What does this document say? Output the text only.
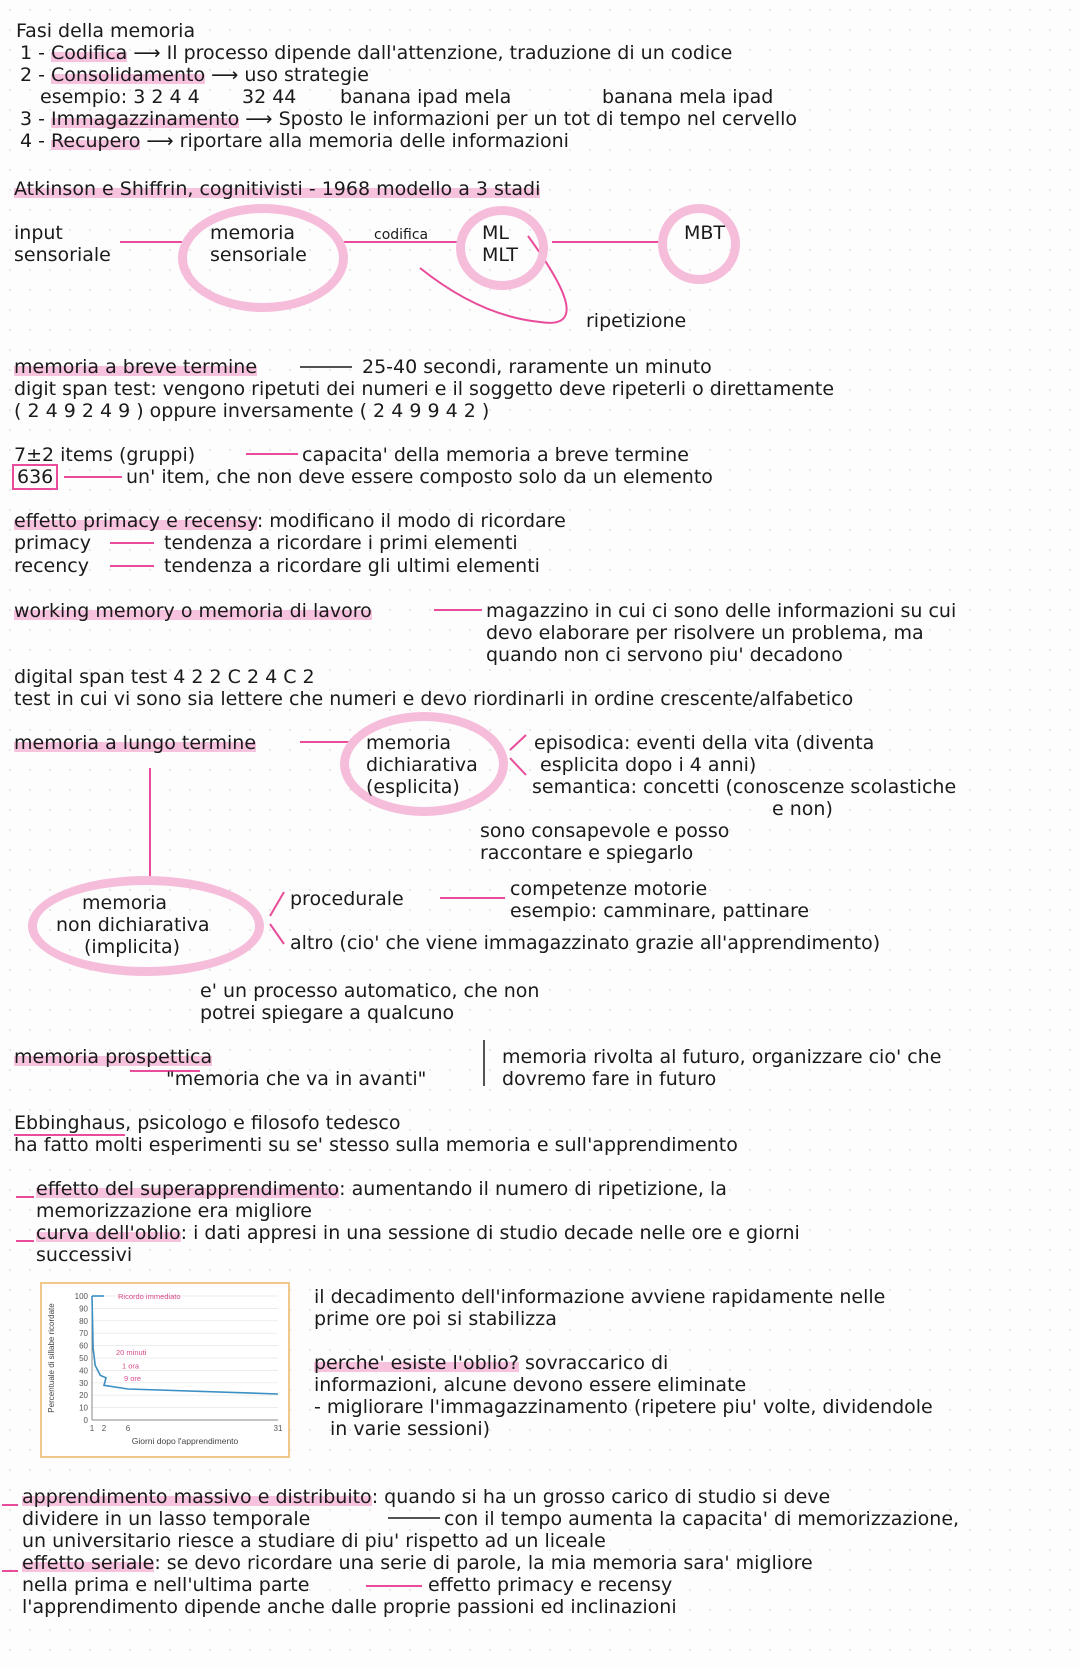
Fasi della memoria
1 - Codifica ⟶ Il processo dipende dall'attenzione, traduzione di un codice
2 - Consolidamento ⟶ uso strategie
esempio: 3 2 4 4 32 44 banana ipad mela	banana mela ipad
3 - Immagazzinamento ⟶ Sposto le informazioni per un tot di tempo nel cervello
4 - Recupero ⟶ riportare alla memoria delle informazioni
Atkinson e Shiffrin, cognitivisti - 1968 modello a 3 stadi
input
sensoriale
memoria
sensoriale
codifica	ML
MLT
MBT
ripetizione
memoria a breve termine	25-40 secondi, raramente un minuto
digit span test: vengono ripetuti dei numeri e il soggetto deve ripeterli o direttamente
( 2 4 9 2 4 9 ) oppure inversamente ( 2 4 9 9 4 2 )
7±2 items (gruppi)	capacita' della memoria a breve termine
636	un' item, che non deve essere composto solo da un elemento
effetto primacy e recensy: modificano il modo di ricordare
primacy	tendenza a ricordare i primi elementi
recency	tendenza a ricordare gli ultimi elementi
working memory o memoria di lavoro	magazzino in cui ci sono delle informazioni su cui
devo elaborare per risolvere un problema, ma
quando non ci servono piu' decadono
digital span test 4 2 2 C 2 4 C 2
test in cui vi sono sia lettere che numeri e devo riordinarli in ordine crescente/alfabetico
memoria a lungo termine	memoria
dichiarativa
(esplicita)
episodica: eventi della vita (diventa
esplicita dopo i 4 anni)
semantica: concetti (conoscenze scolastiche
e non)
sono consapevole e posso
raccontare e spiegarlo
memoria
non dichiarativa
(implicita)
procedurale	competenze motorie
esempio: camminare, pattinare
altro (cio' che viene immagazzinato grazie all'apprendimento)
e' un processo automatico, che non
potrei spiegare a qualcuno
memoria prospettica
"memoria che va in avanti"
memoria rivolta al futuro, organizzare cio' che
dovremo fare in futuro
Ebbinghaus, psicologo e filosofo tedesco
ha fatto molti esperimenti su se' stesso sulla memoria e sull'apprendimento
effetto del superapprendimento: aumentando il numero di ripetizione, la
memorizzazione era migliore
curva dell'oblio: i dati appresi in una sessione di studio decade nelle ore e giorni
successivi
0
10
20
30
40
50
60
70
80
90
100
1 2 6	31
Giorni dopo l'apprendimento
Percentuale di sillabe ricordate
Ricordo immediato
20 minuti
1 ora
9 ore
il decadimento dell'informazione avviene rapidamente nelle
prime ore poi si stabilizza
perche' esiste l'oblio? sovraccarico di
informazioni, alcune devono essere eliminate
- migliorare l'immagazzinamento (ripetere piu' volte, dividendole
in varie sessioni)
apprendimento massivo e distribuito: quando si ha un grosso carico di studio si deve
dividere in un lasso temporale	con il tempo aumenta la capacita' di memorizzazione,
un universitario riesce a studiare di piu' rispetto ad un liceale
effetto seriale: se devo ricordare una serie di parole, la mia memoria sara' migliore
nella prima e nell'ultima parte	effetto primacy e recensy
l'apprendimento dipende anche dalle proprie passioni ed inclinazioni
